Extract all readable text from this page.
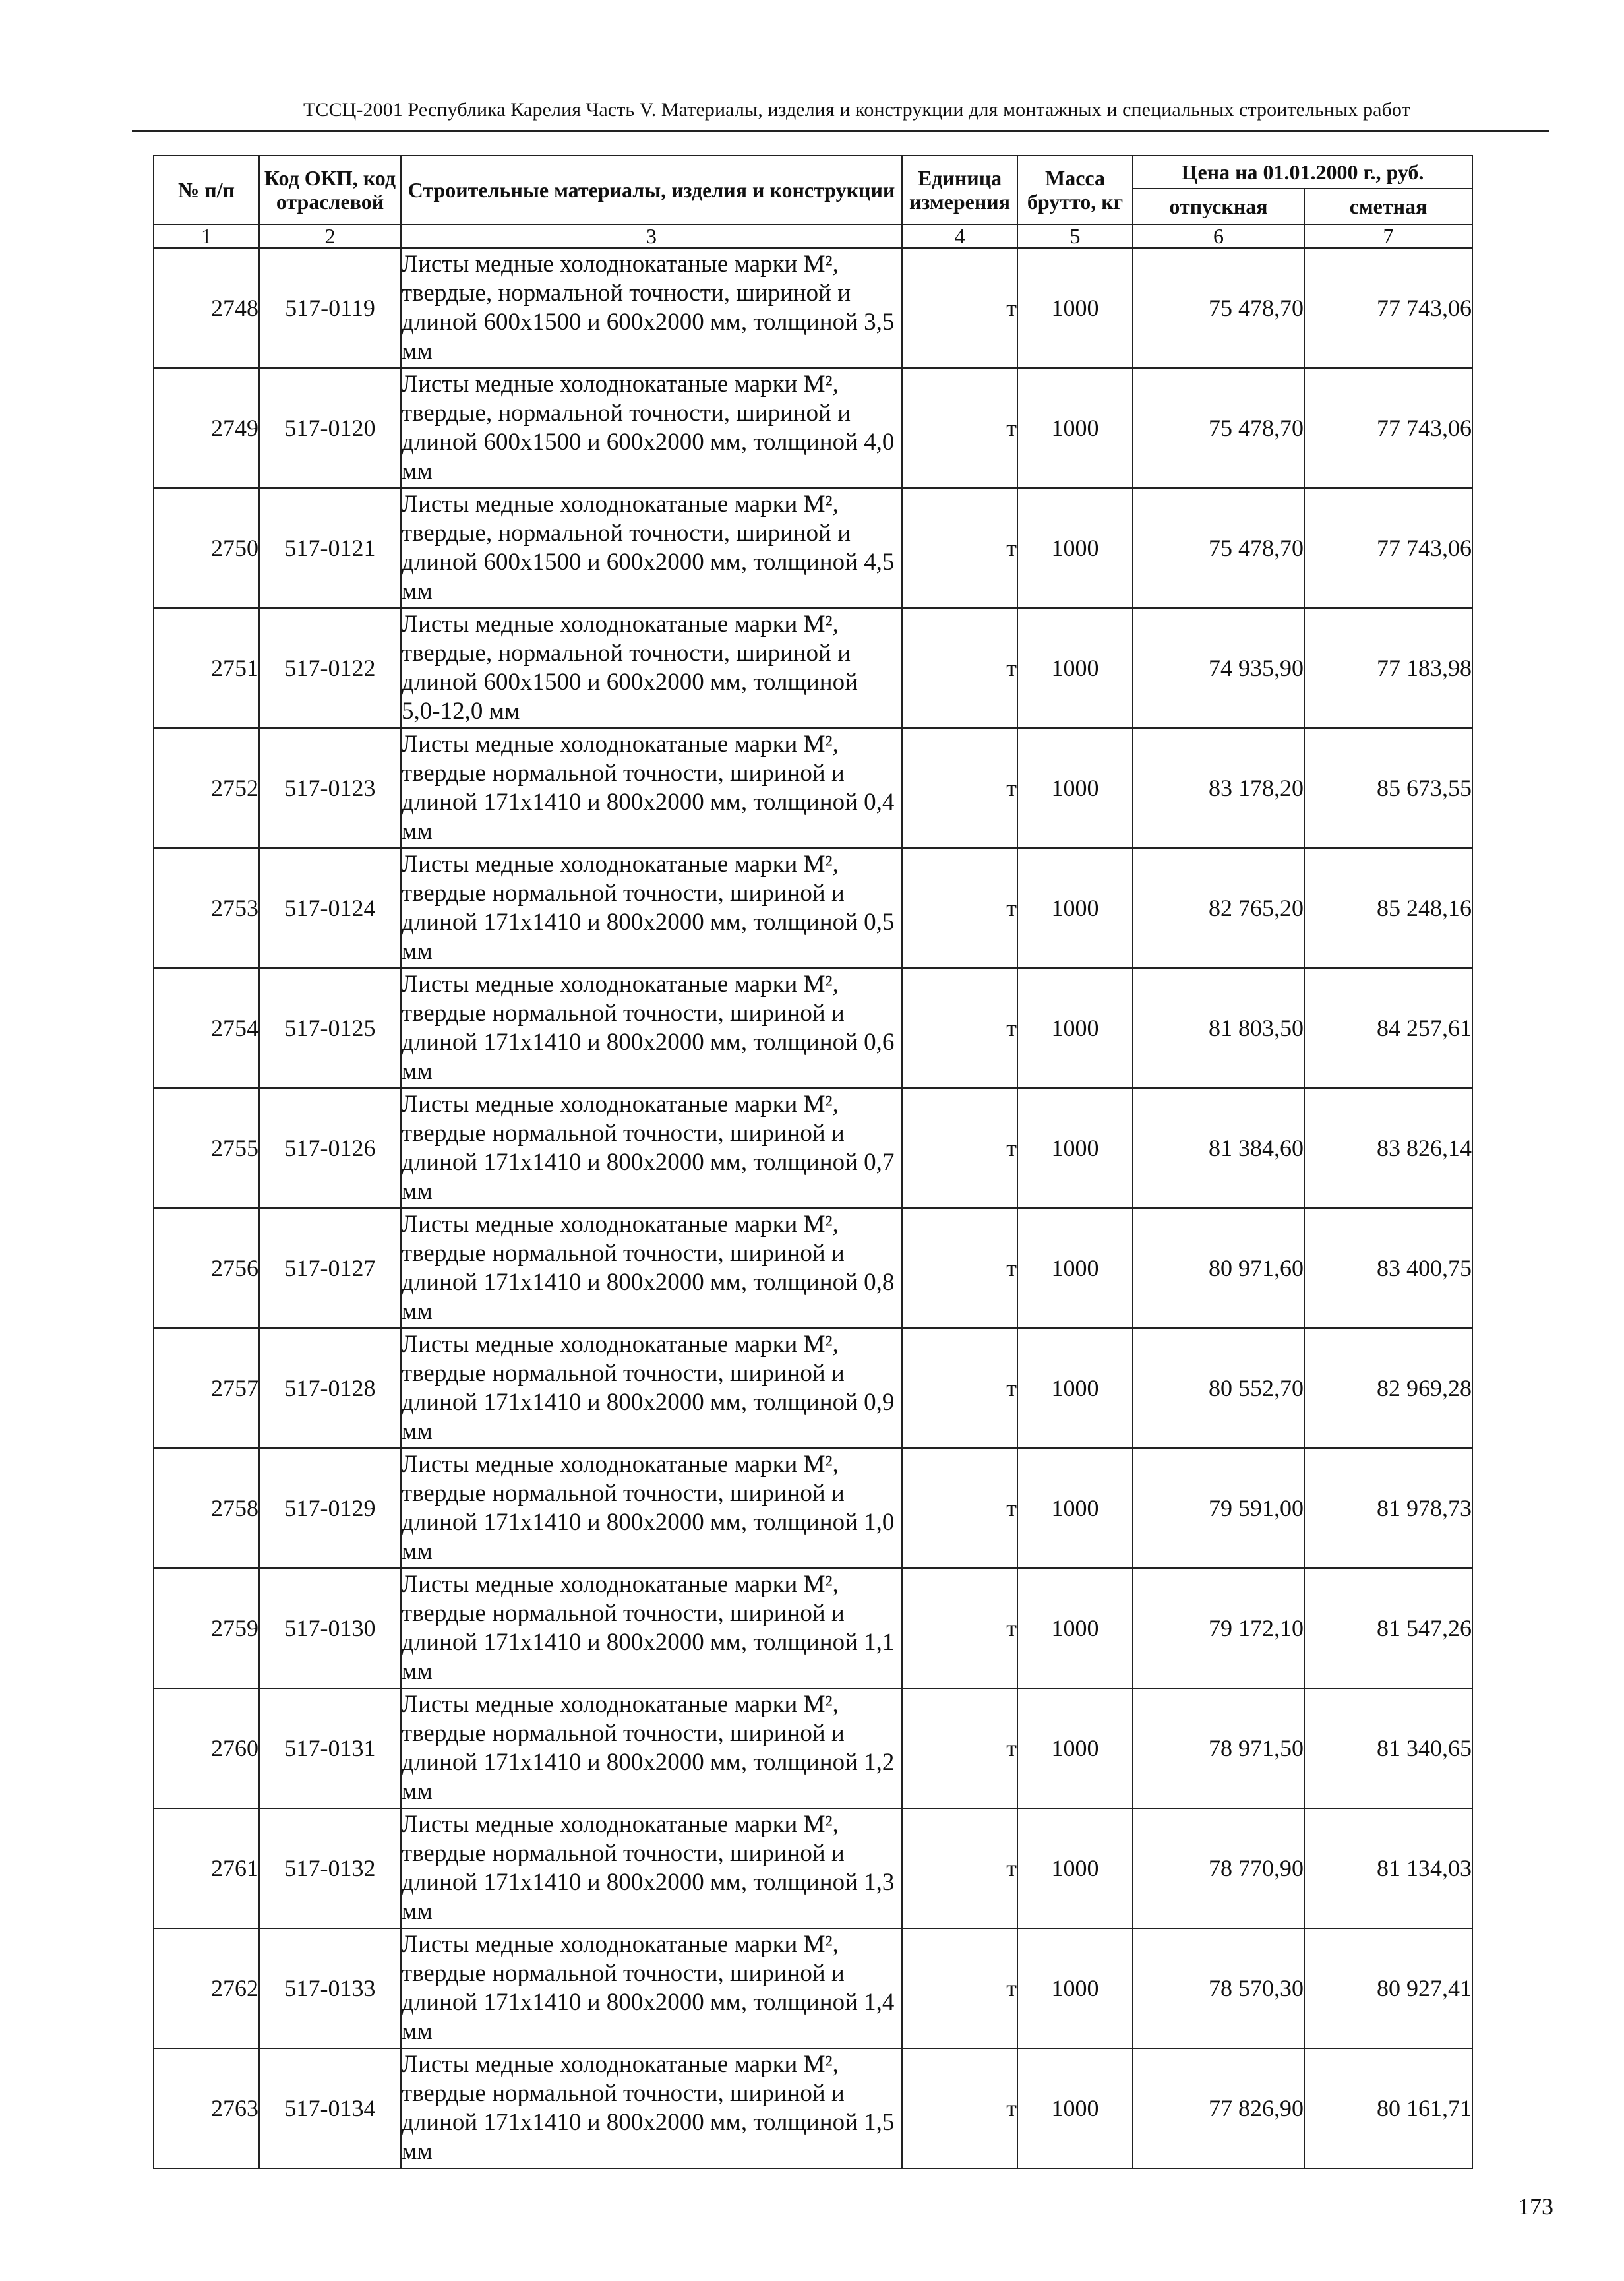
ТССЦ-2001 Республика Карелия Часть V. Материалы, изделия и конструкции для монтажных и специальных строительных работ
№ п/п	Код ОКП, код отраслевой	Строительные материалы, изделия и конструкции	Единица измерения	Масса брутто, кг	Цена на 01.01.2000 г., руб.	
					отпускная	сметная
1	2	3	4	5	6	7
2748	517-0119	Листы медные холоднокатаные марки М², твердые, нормальной точности, шириной и длиной 600х1500 и 600х2000 мм, толщиной 3,5 мм	т	1000	75 478,70	77 743,06
2749	517-0120	Листы медные холоднокатаные марки М², твердые, нормальной точности, шириной и длиной 600х1500 и 600х2000 мм, толщиной 4,0 мм	т	1000	75 478,70	77 743,06
2750	517-0121	Листы медные холоднокатаные марки М², твердые, нормальной точности, шириной и длиной 600х1500 и 600х2000 мм, толщиной 4,5 мм	т	1000	75 478,70	77 743,06
2751	517-0122	Листы медные холоднокатаные марки М², твердые, нормальной точности, шириной и длиной 600х1500 и 600х2000 мм, толщиной 5,0-12,0 мм	т	1000	74 935,90	77 183,98
2752	517-0123	Листы медные холоднокатаные марки М², твердые нормальной точности, шириной и длиной 171х1410 и 800х2000 мм, толщиной 0,4 мм	т	1000	83 178,20	85 673,55
2753	517-0124	Листы медные холоднокатаные марки М², твердые нормальной точности, шириной и длиной 171х1410 и 800х2000 мм, толщиной 0,5 мм	т	1000	82 765,20	85 248,16
2754	517-0125	Листы медные холоднокатаные марки М², твердые нормальной точности, шириной и длиной 171х1410 и 800х2000 мм, толщиной 0,6 мм	т	1000	81 803,50	84 257,61
2755	517-0126	Листы медные холоднокатаные марки М², твердые нормальной точности, шириной и длиной 171х1410 и 800х2000 мм, толщиной 0,7 мм	т	1000	81 384,60	83 826,14
2756	517-0127	Листы медные холоднокатаные марки М², твердые нормальной точности, шириной и длиной 171х1410 и 800х2000 мм, толщиной 0,8 мм	т	1000	80 971,60	83 400,75
2757	517-0128	Листы медные холоднокатаные марки М², твердые нормальной точности, шириной и длиной 171х1410 и 800х2000 мм, толщиной 0,9 мм	т	1000	80 552,70	82 969,28
2758	517-0129	Листы медные холоднокатаные марки М², твердые нормальной точности, шириной и длиной 171х1410 и 800х2000 мм, толщиной 1,0 мм	т	1000	79 591,00	81 978,73
2759	517-0130	Листы медные холоднокатаные марки М², твердые нормальной точности, шириной и длиной 171х1410 и 800х2000 мм, толщиной 1,1 мм	т	1000	79 172,10	81 547,26
2760	517-0131	Листы медные холоднокатаные марки М², твердые нормальной точности, шириной и длиной 171х1410 и 800х2000 мм, толщиной 1,2 мм	т	1000	78 971,50	81 340,65
2761	517-0132	Листы медные холоднокатаные марки М², твердые нормальной точности, шириной и длиной 171х1410 и 800х2000 мм, толщиной 1,3 мм	т	1000	78 770,90	81 134,03
2762	517-0133	Листы медные холоднокатаные марки М², твердые нормальной точности, шириной и длиной 171х1410 и 800х2000 мм, толщиной 1,4 мм	т	1000	78 570,30	80 927,41
2763	517-0134	Листы медные холоднокатаные марки М², твердые нормальной точности, шириной и длиной 171х1410 и 800х2000 мм, толщиной 1,5 мм	т	1000	77 826,90	80 161,71
173
